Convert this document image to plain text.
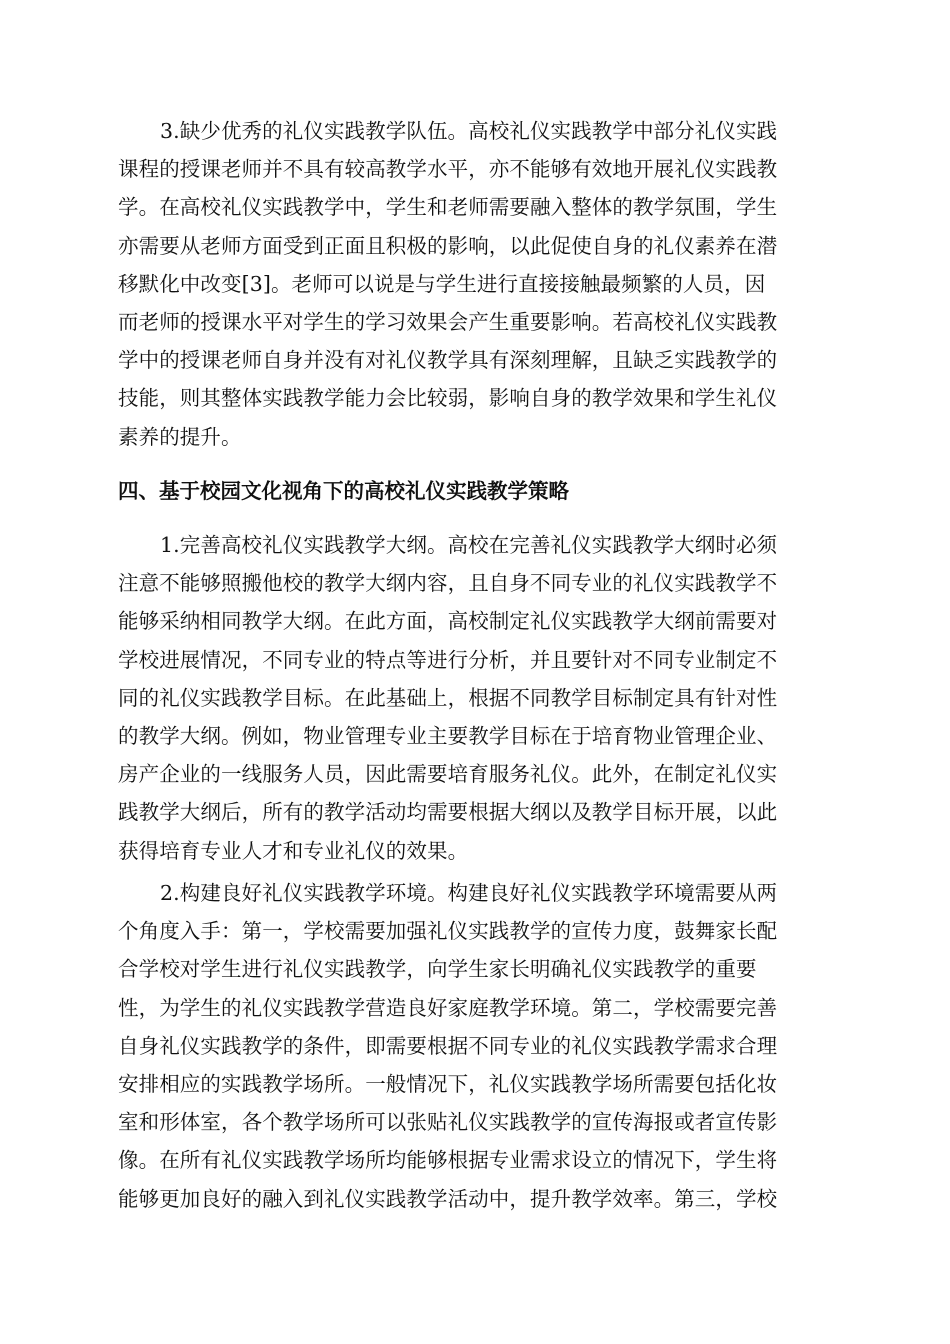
3.缺少优秀的礼仪实践教学队伍。高校礼仪实践教学中部分礼仪实践
课程的授课老师并不具有较高教学水平，亦不能够有效地开展礼仪实践教
学。在高校礼仪实践教学中，学生和老师需要融入整体的教学氛围，学生
亦需要从老师方面受到正面且积极的影响，以此促使自身的礼仪素养在潜
移默化中改变[3]。老师可以说是与学生进行直接接触最频繁的人员，因
而老师的授课水平对学生的学习效果会产生重要影响。若高校礼仪实践教
学中的授课老师自身并没有对礼仪教学具有深刻理解，且缺乏实践教学的
技能，则其整体实践教学能力会比较弱，影响自身的教学效果和学生礼仪
素养的提升。
四、基于校园文化视角下的高校礼仪实践教学策略
1.完善高校礼仪实践教学大纲。高校在完善礼仪实践教学大纲时必须
注意不能够照搬他校的教学大纲内容，且自身不同专业的礼仪实践教学不
能够采纳相同教学大纲。在此方面，高校制定礼仪实践教学大纲前需要对
学校进展情况，不同专业的特点等进行分析，并且要针对不同专业制定不
同的礼仪实践教学目标。在此基础上，根据不同教学目标制定具有针对性
的教学大纲。例如，物业管理专业主要教学目标在于培育物业管理企业、
房产企业的一线服务人员，因此需要培育服务礼仪。此外，在制定礼仪实
践教学大纲后，所有的教学活动均需要根据大纲以及教学目标开展，以此
获得培育专业人才和专业礼仪的效果。
2.构建良好礼仪实践教学环境。构建良好礼仪实践教学环境需要从两
个角度入手：第一，学校需要加强礼仪实践教学的宣传力度，鼓舞家长配
合学校对学生进行礼仪实践教学，向学生家长明确礼仪实践教学的重要
性，为学生的礼仪实践教学营造良好家庭教学环境。第二，学校需要完善
自身礼仪实践教学的条件，即需要根据不同专业的礼仪实践教学需求合理
安排相应的实践教学场所。一般情况下，礼仪实践教学场所需要包括化妆
室和形体室，各个教学场所可以张贴礼仪实践教学的宣传海报或者宣传影
像。在所有礼仪实践教学场所均能够根据专业需求设立的情况下，学生将
能够更加良好的融入到礼仪实践教学活动中，提升教学效率。第三，学校
